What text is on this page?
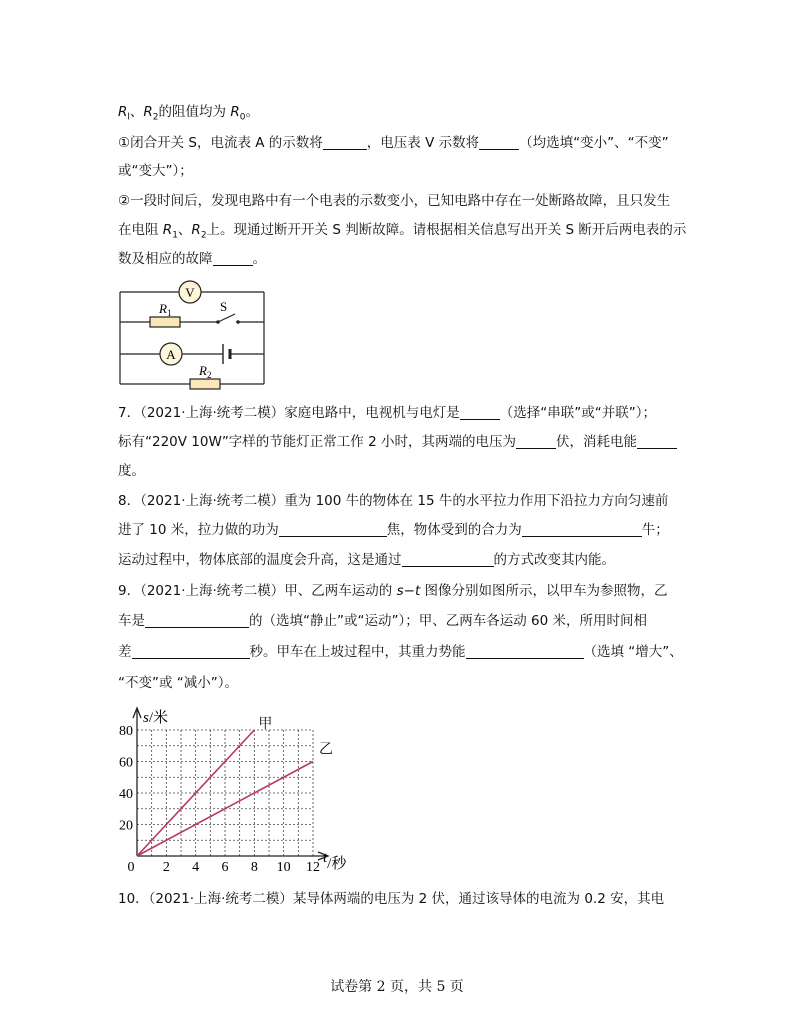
$R_l$、$R_2$的阻值均为 $R_0$。
①闭合开关 S，电流表 A 的示数将	，电压表 V 示数将	（均选填“变小”、“不变”
或“变大”）；
②一段时间后，发现电路中有一个电表的示数变小，已知电路中存在一处断路故障，且只发生
在电阻 $R_1$、$R_2$上。现通过断开开关 S 判断故障。请根据相关信息写出开关 S 断开后两电表的示
数及相应的故障	。
V
$R_1$	S
A
$R_2$
7．（2021·上海·统考二模）家庭电路中，电视机与电灯是	（选择“串联”或“并联”）；
标有“220V 10W”字样的节能灯正常工作 2 小时，其两端的电压为	伏，消耗电能
度。
8．（2021·上海·统考二模）重为 100 牛的物体在 15 牛的水平拉力作用下沿拉力方向匀速前
进了 10 米，拉力做的功为	焦，物体受到的合力为	牛；
运动过程中，物体底部的温度会升高，这是通过	的方式改变其内能。
9．（2021·上海·统考二模）甲、乙两车运动的 s−t 图像分别如图所示，以甲车为参照物，乙
车是	的（选填“静止”或“运动”）；甲、乙两车各运动 60 米，所用时间相
差	秒。甲车在上坡过程中，其重力势能	（选填 “增大”、
“不变”或 “减小”）。
0 2 4 6 8 10 12
20
40
60
80
s/米
t/秒
甲
乙
10．（2021·上海·统考二模）某导体两端的电压为 2 伏，通过该导体的电流为 0.2 安，其电
试卷第 2 页，共 5 页
